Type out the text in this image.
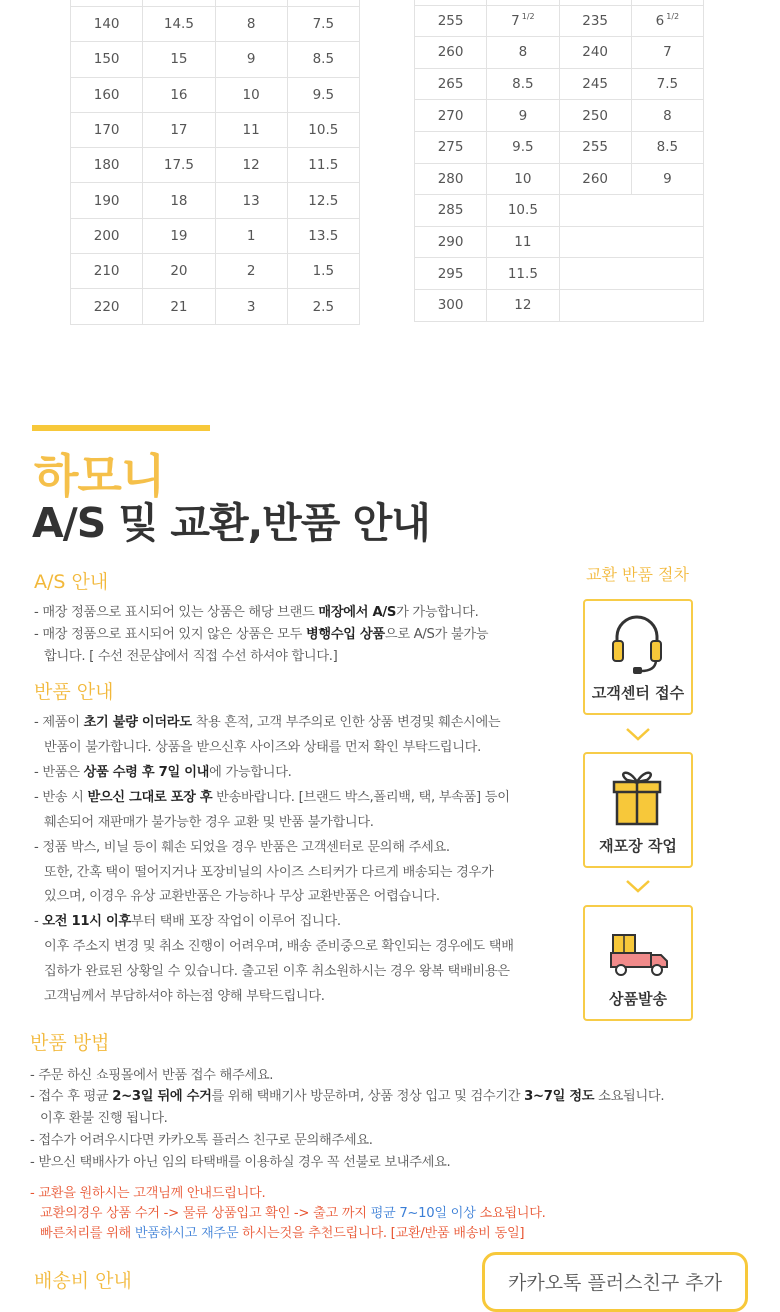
140	14.5	8	7.5
150	15	9	8.5
160	16	10	9.5
170	17	11	10.5
180	17.5	12	11.5
190	18	13	12.5
200	19	1	13.5
210	20	2	1.5
220	21	3	2.5

255	7 $^{1/2}$	235	6 $^{1/2}$
260	8	240	7
265	8.5	245	7.5
270	9	250	8
275	9.5	255	8.5
280	10	260	9
285	10.5		
290	11		
295	11.5		
300	12		
하모니
A/S 및 교환,반품 안내
A/S 안내
- 매장 정품으로 표시되어 있는 상품은 해당 브랜드 매장에서 A/S가 가능합니다.
- 매장 정품으로 표시되어 있지 않은 상품은 모두 병행수입 상품으로 A/S가 불가능
합니다. [ 수선 전문샵에서 직접 수선 하셔야 합니다.]
반품 안내
- 제품이 초기 불량 이더라도 착용 흔적, 고객 부주의로 인한 상품 변경및 훼손시에는
반품이 불가합니다. 상품을 받으신후 사이즈와 상태를 먼저 확인 부탁드립니다.
- 반품은 상품 수령 후 7일 이내에 가능합니다.
- 반송 시 받으신 그대로 포장 후 반송바랍니다. [브랜드 박스,폴리백, 택, 부속품] 등이
훼손되어 재판매가 불가능한 경우 교환 및 반품 불가합니다.
- 정품 박스, 비닐 등이 훼손 되었을 경우 반품은 고객센터로 문의해 주세요.
또한, 간혹 택이 떨어지거나 포장비닐의 사이즈 스티커가 다르게 배송되는 경우가
있으며, 이경우 유상 교환반품은 가능하나 무상 교환반품은 어렵습니다.
- 오전 11시 이후부터 택배 포장 작업이 이루어 집니다.
이후 주소지 변경 및 취소 진행이 어려우며, 배송 준비중으로 확인되는 경우에도 택배
집하가 완료된 상황일 수 있습니다. 출고된 이후 취소원하시는 경우 왕복 택배비용은
고객님께서 부담하셔야 하는점 양해 부탁드립니다.
반품 방법
- 주문 하신 쇼핑몰에서 반품 접수 해주세요.
- 접수 후 평균 2~3일 뒤에 수거를 위해 택배기사 방문하며, 상품 정상 입고 및 검수기간 3~7일 정도 소요됩니다.
이후 환불 진행 됩니다.
- 접수가 어려우시다면 카카오톡 플러스 친구로 문의해주세요.
- 받으신 택배사가 아닌 임의 타택배를 이용하실 경우 꼭 선불로 보내주세요.
- 교환을 원하시는 고객님께 안내드립니다.
교환의경우 상품 수거 -> 물류 상품입고 확인 -> 출고 까지 평균 7~10일 이상 소요됩니다.
빠른처리를 위해 반품하시고 재주문 하시는것을 추천드립니다. [교환/반품 배송비 동일]
배송비 안내
교환 반품 절차
고객센터 접수
재포장 작업
상품발송
카카오톡 플러스친구 추가
